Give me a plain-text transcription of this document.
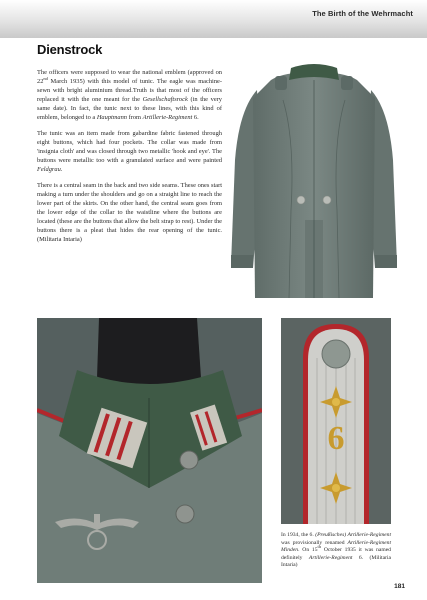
The Birth of the Wehrmacht
Dienstrock

The officers were supposed to wear the national emblem (approved on 22nd March 1935) with this model of tunic. The eagle was machine-sewn with bright aluminium thread.Truth is that most of the officers replaced it with the one meant for the Gesellschaftsrock (in the very same date). In fact, the tunic next to these lines, with this kind of emblem, belonged to a Hauptmann from Artillerie-Regiment 6.

The tunic was an item made from gabardine fabric fastened through eight buttons, which had four pockets. The collar was made from 'insignia cloth' and was closed through two metallic 'hook and eye'. The buttons were metallic too with a granulated surface and were painted Feldgrau.

There is a central seam in the back and two side seams. These ones start making a turn under the shoulders and go on a straight line to reach the lower part of the skirts. On the other hand, the central seam goes from the lower edge of the collar to the waistline where the buttons are located (these are the buttons that allow the belt strap to rest). Under the buttons there is a pleat that hides the rear opening of the tunic. (Militaria Intaria)

6

In 1934, the 6. (Preußisches) Artillerie-Regiment was provisionally renamed Artillerie-Regiment Minden. On 15th October 1935 it was named definitely Artillerie-Regiment 6. (Militaria Intaria)

181
